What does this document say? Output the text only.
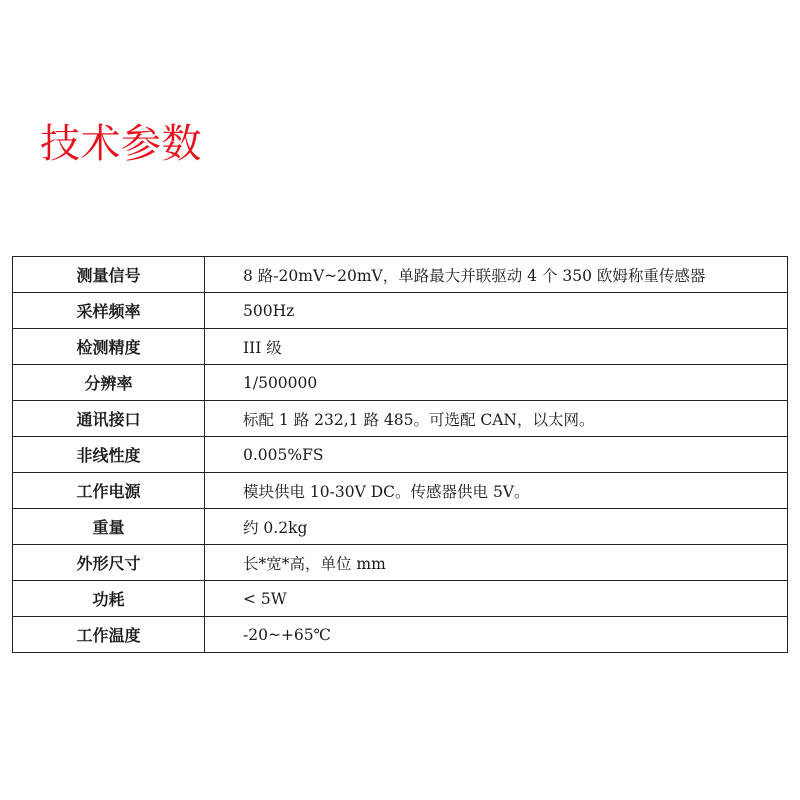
技术参数
测量信号	8 路-20mV~20mV，单路最大并联驱动 4 个 350 欧姆称重传感器
采样频率	500Hz
检测精度	III 级
分辨率	1/500000
通讯接口	标配 1 路 232,1 路 485。可选配 CAN，以太网。
非线性度	0.005%FS
工作电源	模块供电 10-30V DC。传感器供电 5V。
重量	约 0.2kg
外形尺寸	长*宽*高，单位 mm
功耗	< 5W
工作温度	-20~+65℃
